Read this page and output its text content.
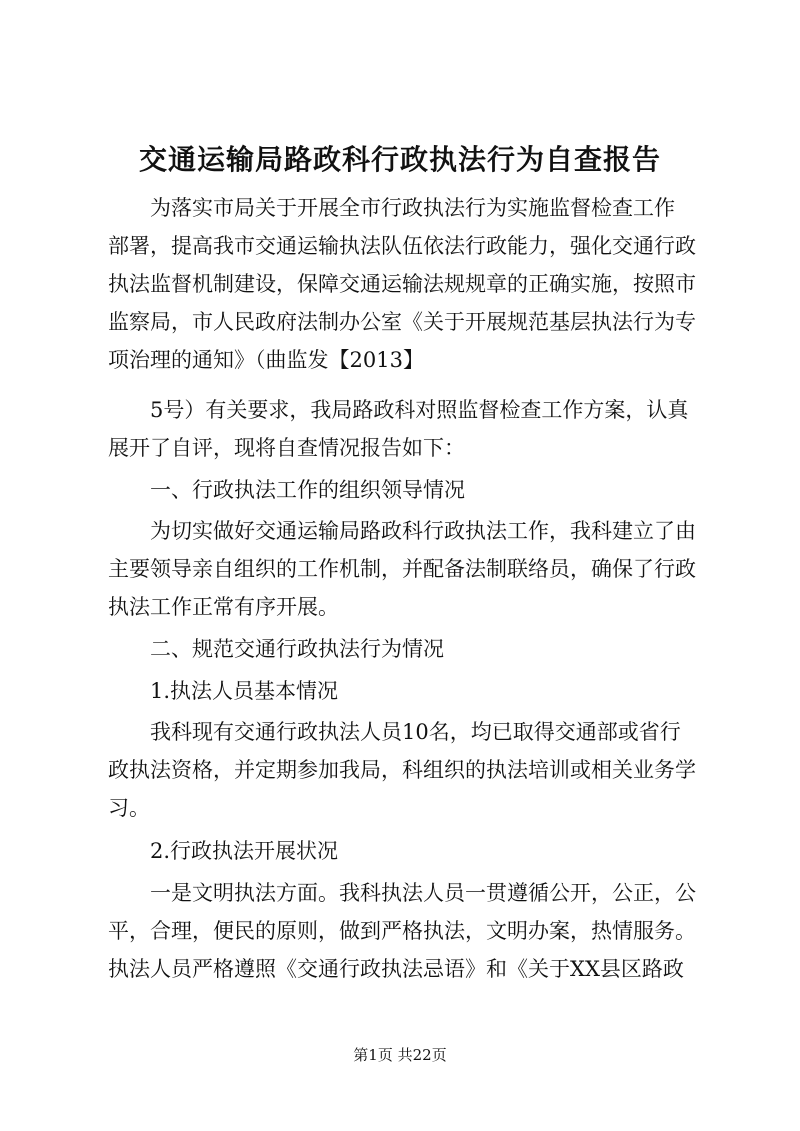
交通运输局路政科行政执法行为自查报告
为落实市局关于开展全市行政执法行为实施监督检查工作
部署，提高我市交通运输执法队伍依法行政能力，强化交通行政
执法监督机制建设，保障交通运输法规规章的正确实施，按照市
监察局，市人民政府法制办公室《关于开展规范基层执法行为专
项治理的通知》（曲监发【2013】
5号）有关要求，我局路政科对照监督检查工作方案，认真
展开了自评，现将自查情况报告如下：
一、行政执法工作的组织领导情况
为切实做好交通运输局路政科行政执法工作，我科建立了由
主要领导亲自组织的工作机制，并配备法制联络员，确保了行政
执法工作正常有序开展。
二、规范交通行政执法行为情况
1.执法人员基本情况
我科现有交通行政执法人员10名，均已取得交通部或省行
政执法资格，并定期参加我局，科组织的执法培训或相关业务学
习。
2.行政执法开展状况
一是文明执法方面。我科执法人员一贯遵循公开，公正，公
平，合理，便民的原则，做到严格执法，文明办案，热情服务。
执法人员严格遵照《交通行政执法忌语》和《关于XX县区路政
第1页 共22页
